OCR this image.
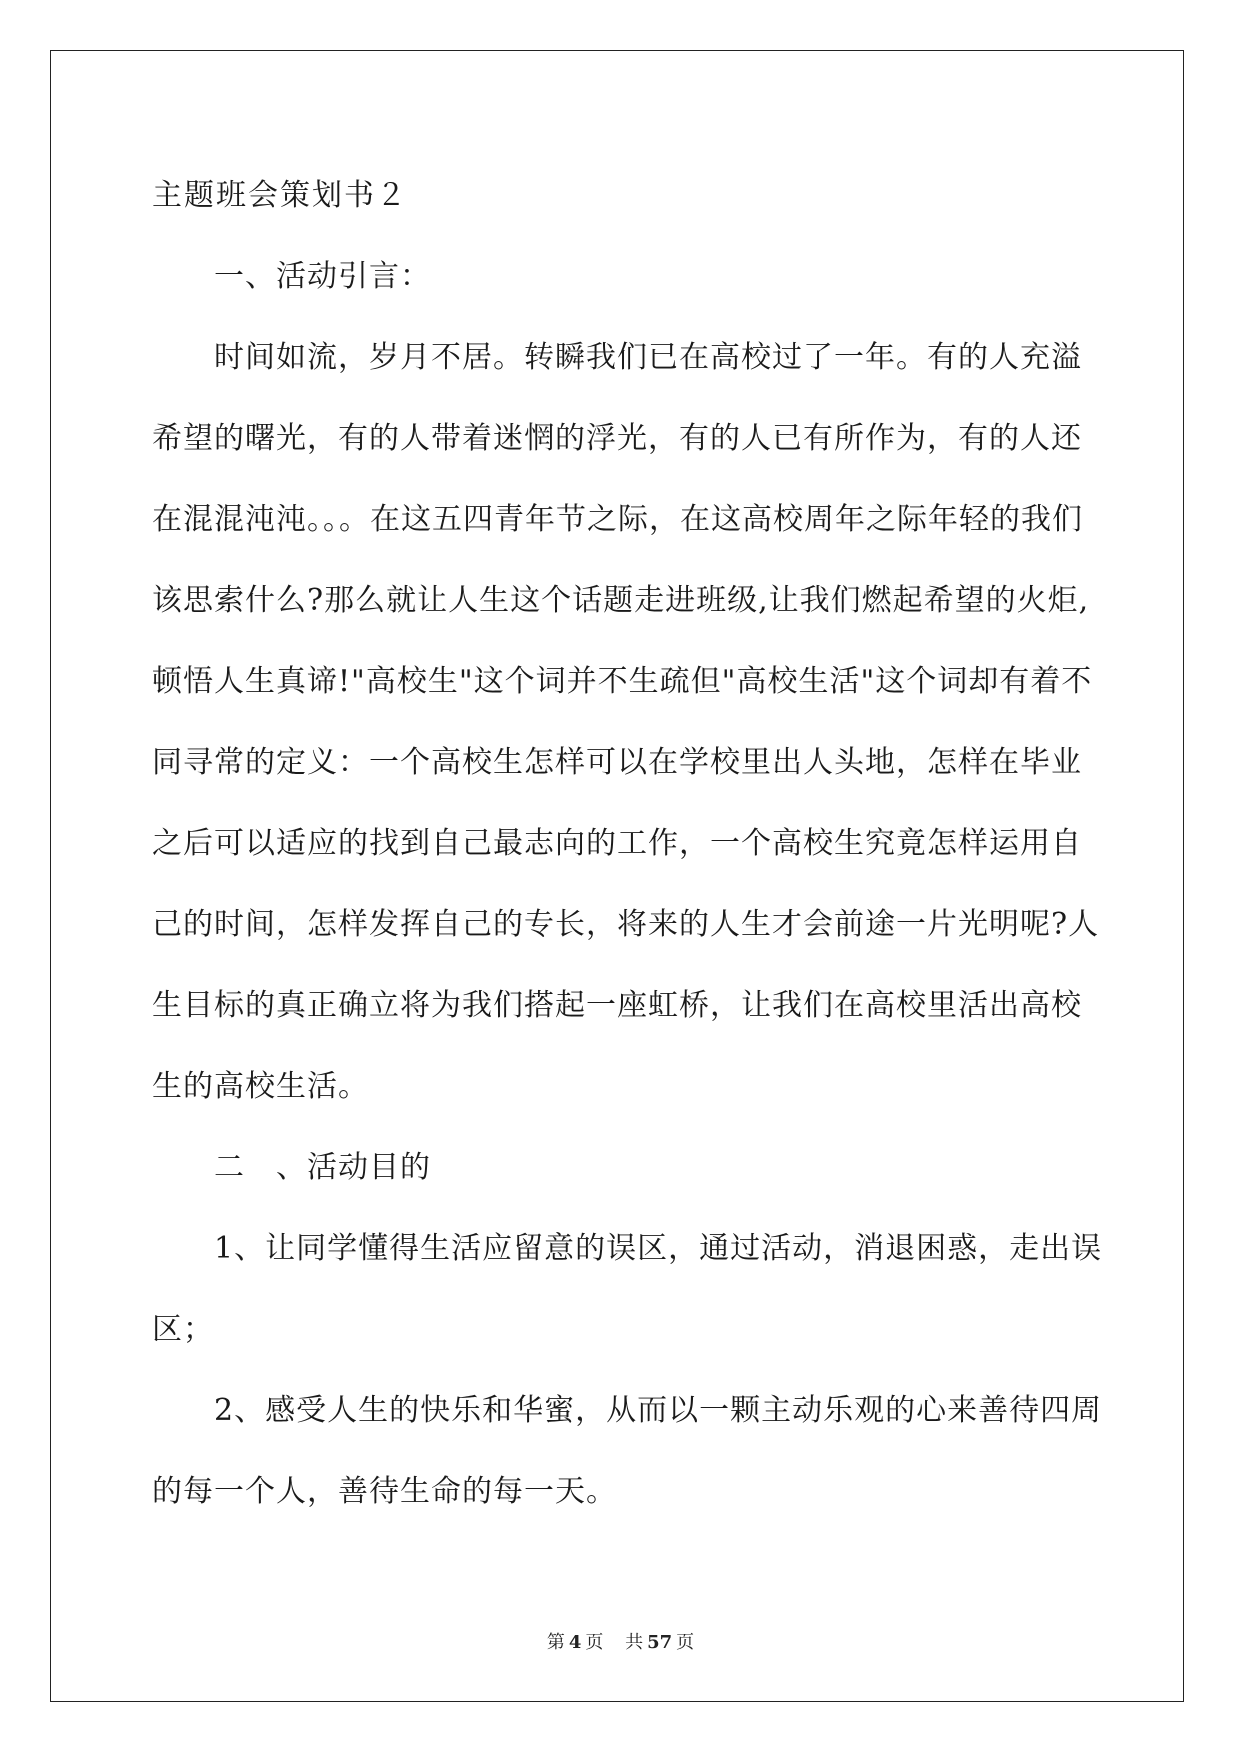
主题班会策划书２
一、活动引言：
时间如流，岁月不居。转瞬我们已在高校过了一年。有的人充溢
希望的曙光，有的人带着迷惘的浮光，有的人已有所作为，有的人还
在混混沌沌。。。在这五四青年节之际，在这高校周年之际年轻的我们
该思索什么?那么就让人生这个话题走进班级,让我们燃起希望的火炬,
顿悟人生真谛!"高校生"这个词并不生疏但"高校生活"这个词却有着不
同寻常的定义：一个高校生怎样可以在学校里出人头地，怎样在毕业
之后可以适应的找到自己最志向的工作，一个高校生究竟怎样运用自
己的时间，怎样发挥自己的专长，将来的人生才会前途一片光明呢?人
生目标的真正确立将为我们搭起一座虹桥，让我们在高校里活出高校
生的高校生活。
二　、活动目的
1、让同学懂得生活应留意的误区，通过活动，消退困惑，走出误
区；
2、感受人生的快乐和华蜜，从而以一颗主动乐观的心来善待四周
的每一个人，善待生命的每一天。
第 4 页 共 57 页
